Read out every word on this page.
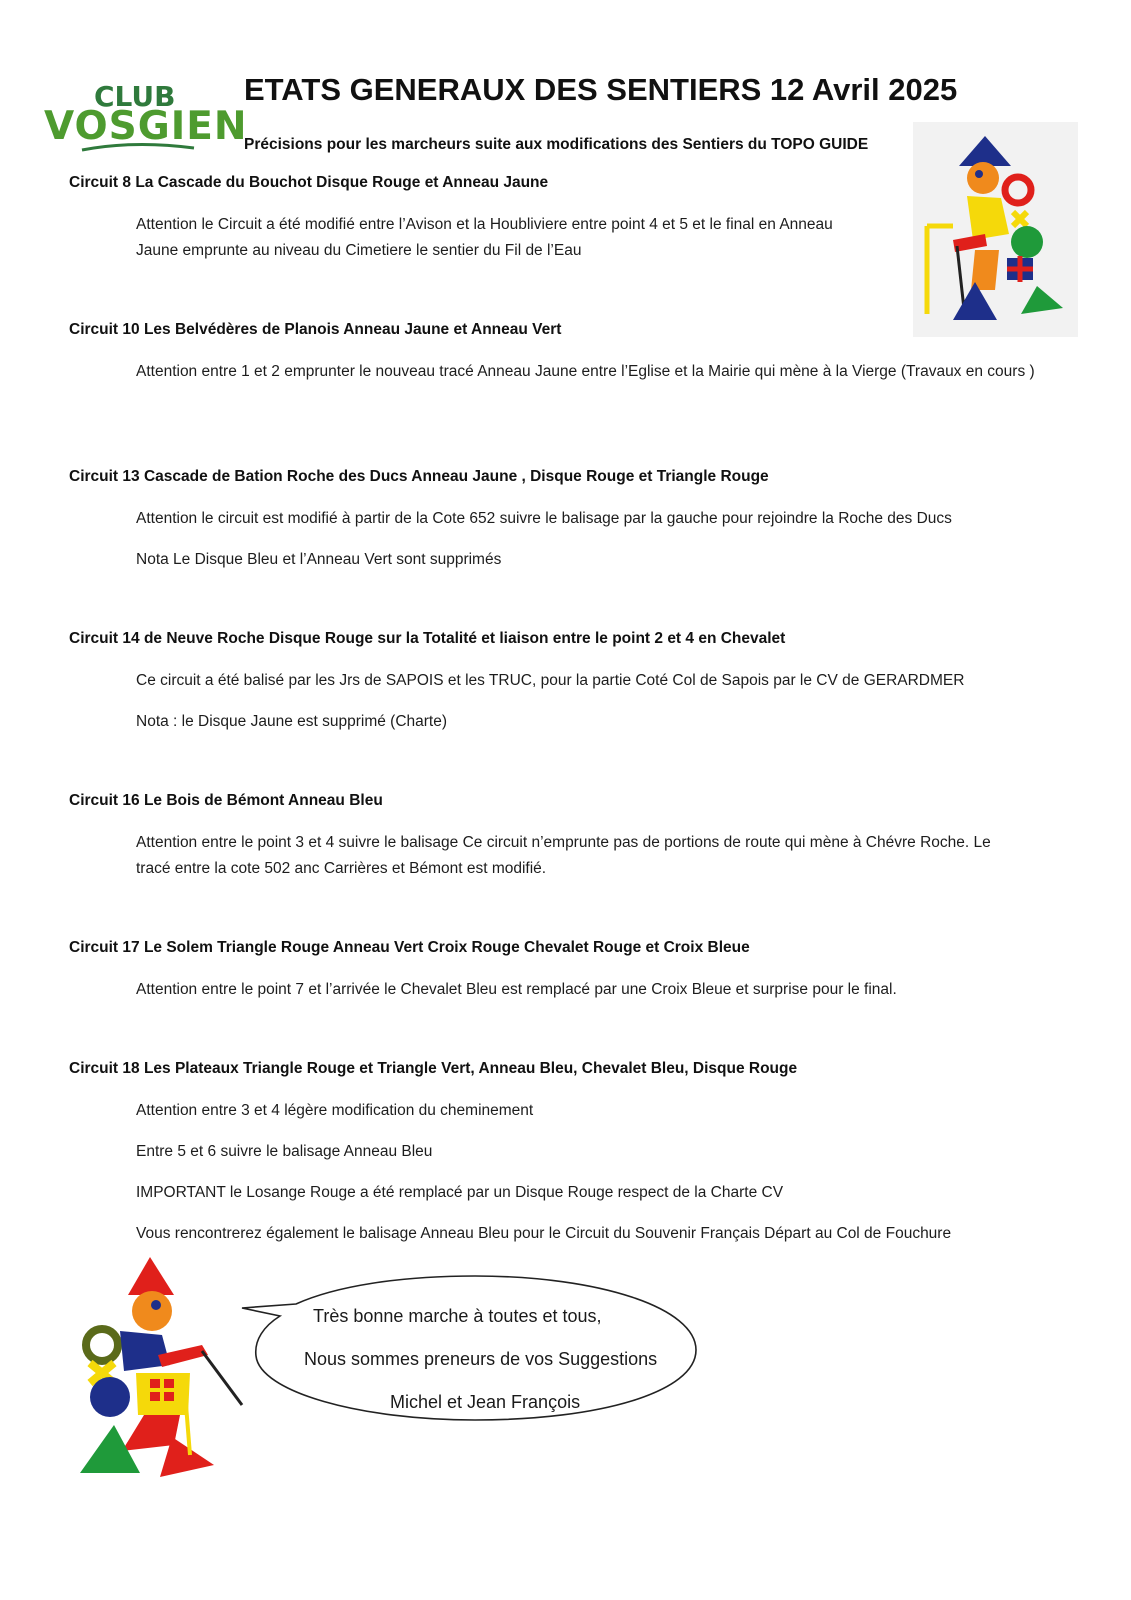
CLUB
VOSGIEN
ETATS GENERAUX DES SENTIERS 12 Avril 2025

Précisions pour les marcheurs suite aux modifications des Sentiers du TOPO GUIDE

Circuit 8 La Cascade du Bouchot Disque Rouge et Anneau Jaune

Attention le Circuit a été modifié entre l’Avison et la Houbliviere entre point 4 et 5 et le final en Anneau Jaune emprunte au niveau du Cimetiere le sentier du Fil de l’Eau

Circuit 10 Les Belvédères de Planois Anneau Jaune et Anneau Vert

Attention entre 1 et 2 emprunter le nouveau tracé Anneau Jaune entre l’Eglise et la Mairie qui mène à la Vierge (Travaux en cours )

Circuit 13 Cascade de Bation Roche des Ducs Anneau Jaune , Disque Rouge et Triangle Rouge

Attention le circuit est modifié à partir de la Cote 652 suivre le balisage par la gauche pour rejoindre la Roche des Ducs

Nota Le Disque Bleu et l’Anneau Vert sont supprimés

Circuit 14 de Neuve Roche Disque Rouge sur la Totalité et liaison entre le point 2 et 4 en Chevalet

Ce circuit a été balisé par les Jrs de SAPOIS et les TRUC, pour la partie Coté Col de Sapois par le CV de GERARDMER

Nota : le Disque Jaune est supprimé (Charte)

Circuit 16 Le Bois de Bémont Anneau Bleu

Attention entre le point 3 et 4 suivre le balisage Ce circuit n’emprunte pas de portions de route qui mène à Chévre Roche. Le tracé entre la cote 502 anc Carrières et Bémont est modifié.

Circuit 17 Le Solem Triangle Rouge Anneau Vert Croix Rouge Chevalet Rouge et Croix Bleue

Attention entre le point 7 et l’arrivée le Chevalet Bleu est remplacé par une Croix Bleue et surprise pour le final.

Circuit 18 Les Plateaux Triangle Rouge et Triangle Vert, Anneau Bleu, Chevalet Bleu, Disque Rouge

Attention entre 3 et 4 légère modification du cheminement

Entre 5 et 6 suivre le balisage Anneau Bleu

IMPORTANT le Losange Rouge a été remplacé par un Disque Rouge respect de la Charte CV

Vous rencontrerez également le balisage Anneau Bleu pour le Circuit du Souvenir Français Départ au Col de Fouchure

Très bonne marche à toutes et tous,

Nous sommes preneurs de vos Suggestions

Michel et Jean François
